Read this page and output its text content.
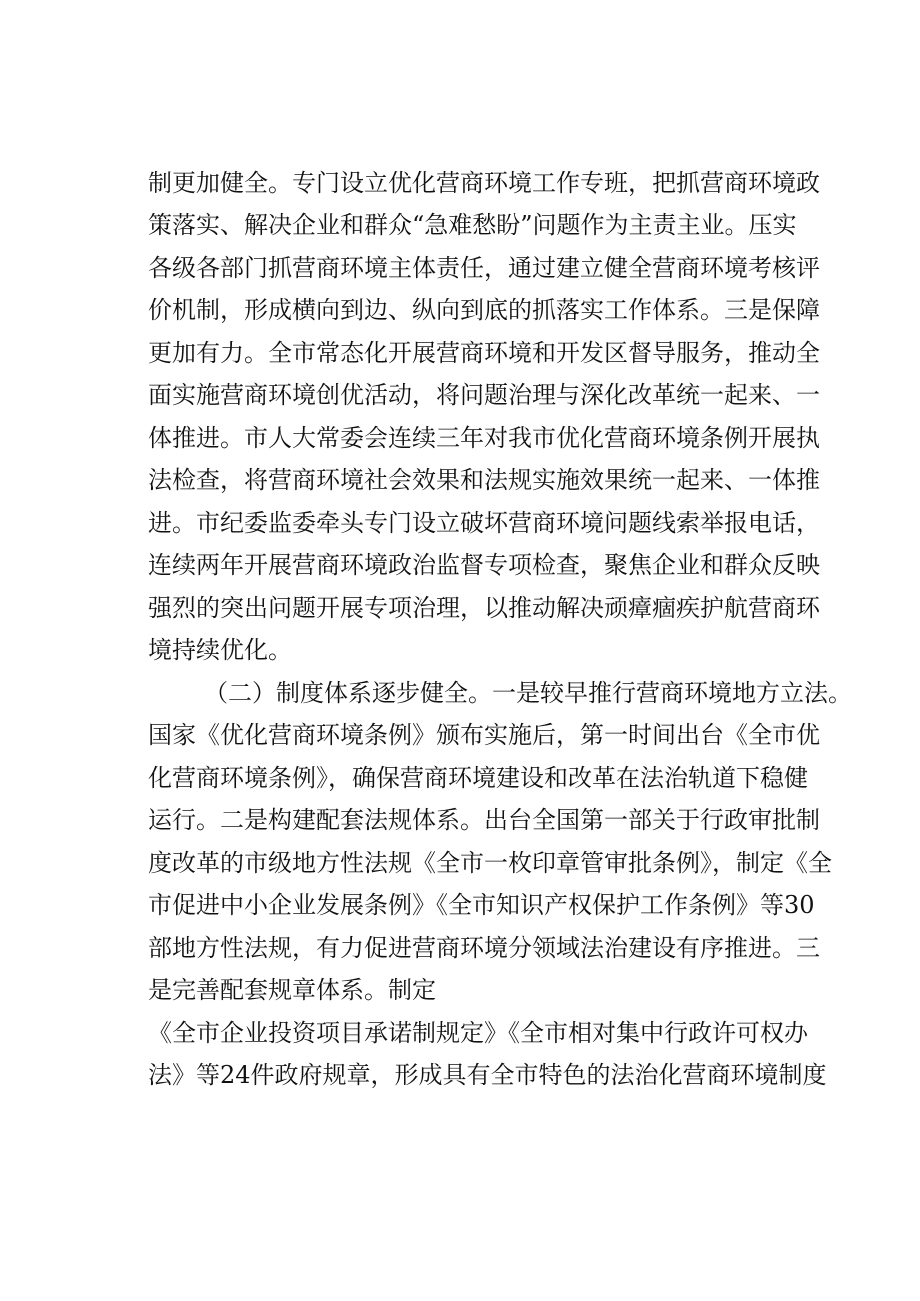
制更加健全。专门设立优化营商环境工作专班，把抓营商环境政
策落实、解决企业和群众“急难愁盼”问题作为主责主业。压实
各级各部门抓营商环境主体责任，通过建立健全营商环境考核评
价机制，形成横向到边、纵向到底的抓落实工作体系。三是保障
更加有力。全市常态化开展营商环境和开发区督导服务，推动全
面实施营商环境创优活动，将问题治理与深化改革统一起来、一
体推进。市人大常委会连续三年对我市优化营商环境条例开展执
法检查，将营商环境社会效果和法规实施效果统一起来、一体推
进。市纪委监委牵头专门设立破坏营商环境问题线索举报电话，
连续两年开展营商环境政治监督专项检查，聚焦企业和群众反映
强烈的突出问题开展专项治理，以推动解决顽瘴痼疾护航营商环
境持续优化。
（二）制度体系逐步健全。一是较早推行营商环境地方立法。
国家《优化营商环境条例》颁布实施后，第一时间出台《全市优
化营商环境条例》，确保营商环境建设和改革在法治轨道下稳健
运行。二是构建配套法规体系。出台全国第一部关于行政审批制
度改革的市级地方性法规《全市一枚印章管审批条例》，制定《全
市促进中小企业发展条例》《全市知识产权保护工作条例》等30
部地方性法规，有力促进营商环境分领域法治建设有序推进。三
是完善配套规章体系。制定
《全市企业投资项目承诺制规定》《全市相对集中行政许可权办
法》等24件政府规章，形成具有全市特色的法治化营商环境制度
